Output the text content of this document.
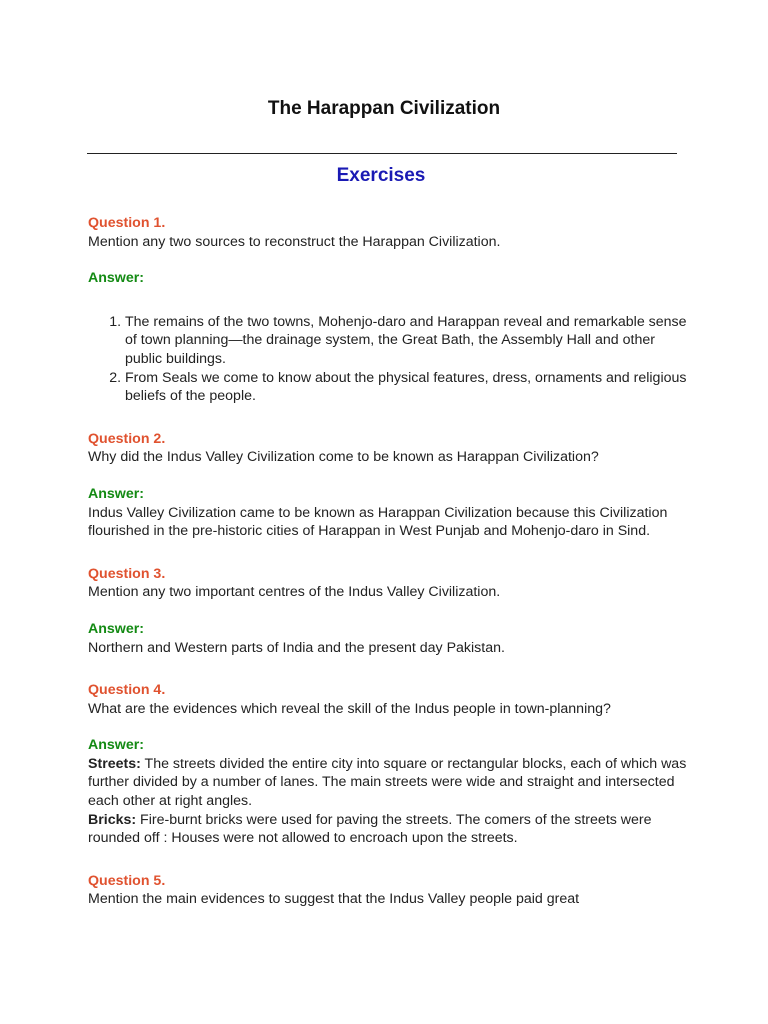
The Harappan Civilization
Exercises

Question 1.

Mention any two sources to reconstruct the Harappan Civilization.

Answer:

1. The remains of the two towns, Mohenjo-daro and Harappan reveal and remarkable sense of town planning—the drainage system, the Great Bath, the Assembly Hall and other public buildings.
2. From Seals we come to know about the physical features, dress, ornaments and religious beliefs of the people.

Question 2.

Why did the Indus Valley Civilization come to be known as Harappan Civilization?

Answer:

Indus Valley Civilization came to be known as Harappan Civilization because this Civilization flourished in the pre-historic cities of Harappan in West Punjab and Mohenjo-daro in Sind.

Question 3.

Mention any two important centres of the Indus Valley Civilization.

Answer:

Northern and Western parts of India and the present day Pakistan.

Question 4.

What are the evidences which reveal the skill of the Indus people in town-planning?

Answer:

Streets: The streets divided the entire city into square or rectangular blocks, each of which was further divided by a number of lanes. The main streets were wide and straight and intersected each other at right angles.

Bricks: Fire-burnt bricks were used for paving the streets. The comers of the streets were rounded off : Houses were not allowed to encroach upon the streets.

Question 5.

Mention the main evidences to suggest that the Indus Valley people paid great
